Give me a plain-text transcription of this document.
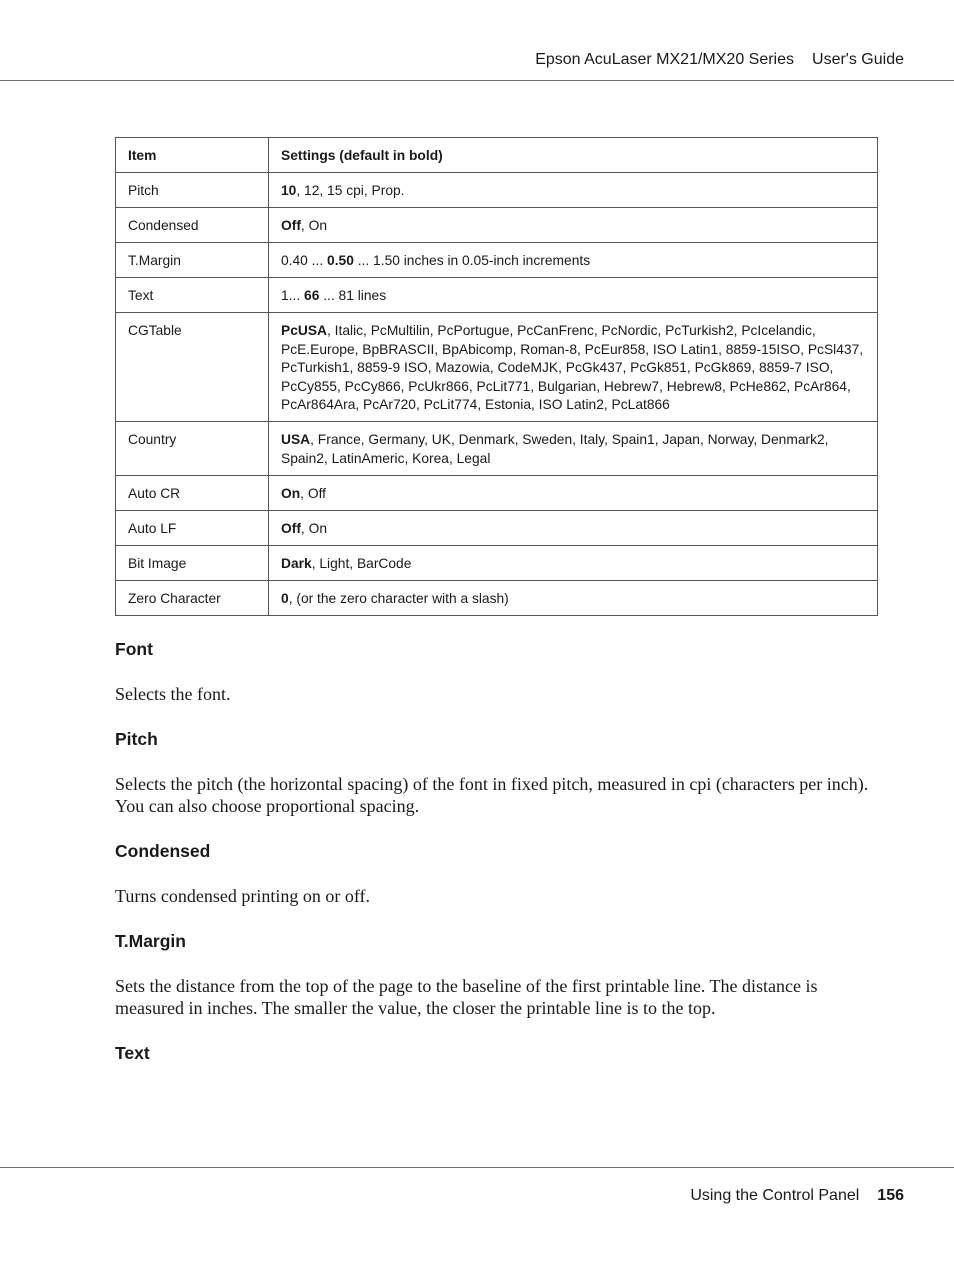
Epson AcuLaser MX21/MX20 Series User's Guide
Item	Settings (default in bold)
Pitch	10, 12, 15 cpi, Prop.
Condensed	Off, On
T.Margin	0.40 ... 0.50 ... 1.50 inches in 0.05-inch increments
Text	1... 66 ... 81 lines
CGTable	PcUSA, Italic, PcMultilin, PcPortugue, PcCanFrenc, PcNordic, PcTurkish2, PcIcelandic, PcE.Europe, BpBRASCII, BpAbicomp, Roman-8, PcEur858, ISO Latin1, 8859-15ISO, PcSl437, PcTurkish1, 8859-9 ISO, Mazowia, CodeMJK, PcGk437, PcGk851, PcGk869, 8859-7 ISO, PcCy855, PcCy866, PcUkr866, PcLit771, Bulgarian, Hebrew7, Hebrew8, PcHe862, PcAr864, PcAr864Ara, PcAr720, PcLit774, Estonia, ISO Latin2, PcLat866
Country	USA, France, Germany, UK, Denmark, Sweden, Italy, Spain1, Japan, Norway, Denmark2, Spain2, LatinAmeric, Korea, Legal
Auto CR	On, Off
Auto LF	Off, On
Bit Image	Dark, Light, BarCode
Zero Character	0, (or the zero character with a slash)
Font

Selects the font.

Pitch

Selects the pitch (the horizontal spacing) of the font in fixed pitch, measured in cpi (characters per inch). You can also choose proportional spacing.

Condensed

Turns condensed printing on or off.

T.Margin

Sets the distance from the top of the page to the baseline of the first printable line. The distance is measured in inches. The smaller the value, the closer the printable line is to the top.

Text
Using the Control Panel 156
